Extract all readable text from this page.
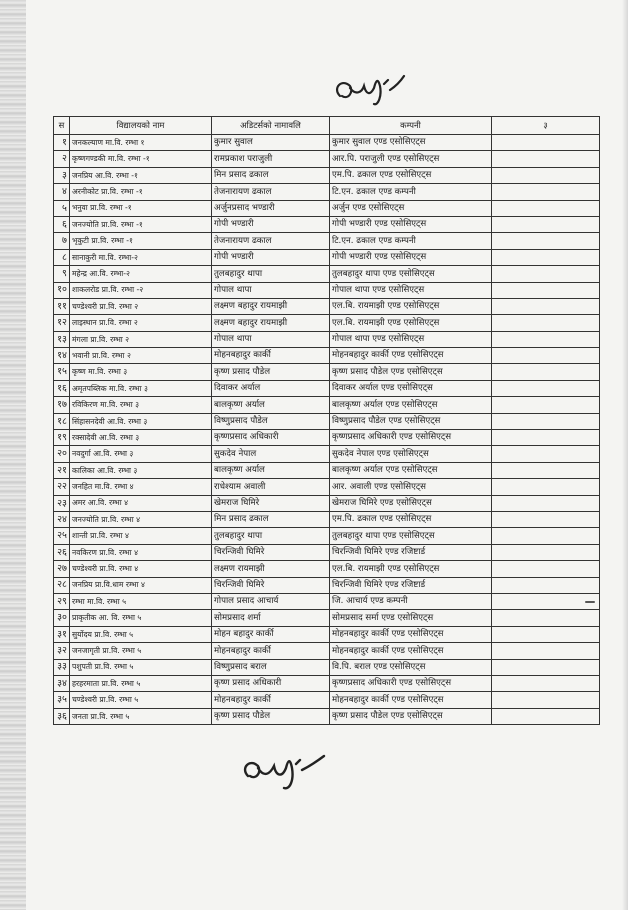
स	विद्यालयको नाम	अडिटर्सको नामावलि	कम्पनी	३
१	जनकल्याण मा.वि. रम्भा १	कुमार सुवाल	कुमार सुवाल एण्ड एसोसिएट्स	
२	कृष्णगण्डकी मा.वि. रम्भा -१	रामप्रकाश पराजुली	आर.पि. पराजुली एण्ड एसोसिएट्स	
३	जनप्रिय आ.वि. रम्भा -१	मिन प्रसाद ढकाल	एम.पि. ढकाल एण्ड एसोसिएट्स	
४	अरनीकोट प्रा.वि. रम्भा -१	तेजनारायण ढकाल	टि.एन. ढकाल एण्ड कम्पनी	
५	भनुवा प्रा.वि. रम्भा -१	अर्जुनप्रसाद भण्डारी	अर्जुन एण्ड एसोसिएट्स	
६	जनज्योति प्रा.वि. रम्भा -१	गोपी भण्डारी	गोपी भण्डारी एण्ड एसोसिएट्स	
७	भृकुटी प्रा.वि. रम्भा -१	तेजनारायण ढकाल	टि.एन. ढकाल एण्ड कम्पनी	
८	सानाकुरी मा.वि. रम्भा-२	गोपी भण्डारी	गोपी भण्डारी एण्ड एसोसिएट्स	
९	महेन्द्र आ.वि. रम्भा-२	तुलबहादुर थापा	तुलबहादुर थापा एण्ड एसोसिएट्स	
१०	शाकलरोड प्रा.वि. रम्भा -२	गोपाल थापा	गोपाल थापा एण्ड एसोसिएट्स	
११	चण्डेश्वरी प्रा.वि. रम्भा २	लक्ष्मण बहादुर रायमाझी	एल.बि. रायमाझी एण्ड एसोसिएट्स	
१२	लाइस्थान प्रा.वि. रम्भा २	लक्ष्मण बहादुर रायमाझी	एल.बि. रायमाझी एण्ड एसोसिएट्स	
१३	मंगला प्रा.वि. रम्भा २	गोपाल थापा	गोपाल थापा एण्ड एसोसिएट्स	
१४	भवानी प्रा.वि. रम्भा २	मोहनबहादुर कार्की	मोहनबहादुर कार्की एण्ड एसोसिएट्स	
१५	कृष्ण मा.वि. रम्भा ३	कृष्ण प्रसाद पौडेल	कृष्ण प्रसाद पौडेल एण्ड एसोसिएट्स	
१६	अमृतपब्लिक मा.वि. रम्भा ३	दिवाकर अर्याल	दिवाकर अर्याल एण्ड एसोसिएट्स	
१७	रविकिरण मा.वि. रम्भा ३	बालकृष्ण अर्याल	बालकृष्ण अर्याल एण्ड एसोसिएट्स	
१८	सिंहासनदेवी आ.वि. रम्भा ३	विष्णुप्रसाद पौडेल	विष्णुप्रसाद पौडेल एण्ड एसोसिएट्स	
१९	रक्सादेवी आ.वि. रम्भा ३	कृष्णप्रसाद अधिकारी	कृष्णप्रसाद अधिकारी एण्ड एसोसिएट्स	
२०	नवदुर्गा आ.वि. रम्भा ३	सुकदेव नेपाल	सुकदेव नेपाल एण्ड एसोसिएट्स	
२१	कालिका आ.वि. रम्भा ३	बालकृष्ण अर्याल	बालकृष्ण अर्याल एण्ड एसोसिएट्स	
२२	जनहित मा.वि. रम्भा ४	राधेश्याम अवाली	आर. अवाली एण्ड एसोसिएट्स	
२३	अमर आ.वि. रम्भा ४	खेमराज घिमिरे	खेमराज घिमिरे एण्ड एसोसिएट्स	
२४	जनज्योति प्रा.वि. रम्भा ४	मिन प्रसाद ढकाल	एम.पि. ढकाल एण्ड एसोसिएट्स	
२५	शान्ती प्रा.वि. रम्भा ४	तुलबहादुर थापा	तुलबहादुर थापा एण्ड एसोसिएट्स	
२६	नवकिरण प्रा.वि. रम्भा ४	चिरन्जिवी घिमिरे	चिरन्जिवी घिमिरे एण्ड रजिष्टार्ड	
२७	चण्डेश्वरी प्रा.वि. रम्भा ४	लक्ष्मण रायमाझी	एल.बि. रायमाझी एण्ड एसोसिएट्स	
२८	जनप्रिय प्रा.वि.धाम रम्भा ४	चिरन्जिवी घिमिरे	चिरन्जिवी घिमिरे एण्ड रजिष्टार्ड	
२९	रम्भा मा.वि. रम्भा ५	गोपाल प्रसाद आचार्य	जि. आचार्य एण्ड कम्पनी	
३०	प्राकृतीक आ. वि. रम्भा ५	सोमप्रसाद शर्मा	सोमप्रसाद सर्मा एण्ड एसोसिएट्स	
३१	सुर्योदय प्रा.वि. रम्भा ५	मोहन बहादुर कार्की	मोहनबहादुर कार्की एण्ड एसोसिएट्स	
३२	जनजागृती प्रा.वि. रम्भा ५	मोहनबहादुर कार्की	मोहनबहादुर कार्की एण्ड एसोसिएट्स	
३३	पशुपती प्रा.वि. रम्भा ५	विष्णुप्रसाद बराल	वि.पि. बराल एण्ड एसोसिएट्स	
३४	हरहरमाता प्रा.वि. रम्भा ५	कृष्ण प्रसाद अधिकारी	कृष्णप्रसाद अधिकारी एण्ड एसोसिएट्स	
३५	चण्डेश्वरी प्रा.वि. रम्भा ५	मोहनबहादुर कार्की	मोहनबहादुर कार्की एण्ड एसोसिएट्स	
३६	जनता प्रा.वि. रम्भा ५	कृष्ण प्रसाद पौडेल	कृष्ण प्रसाद पौडेल एण्ड एसोसिएट्स	
